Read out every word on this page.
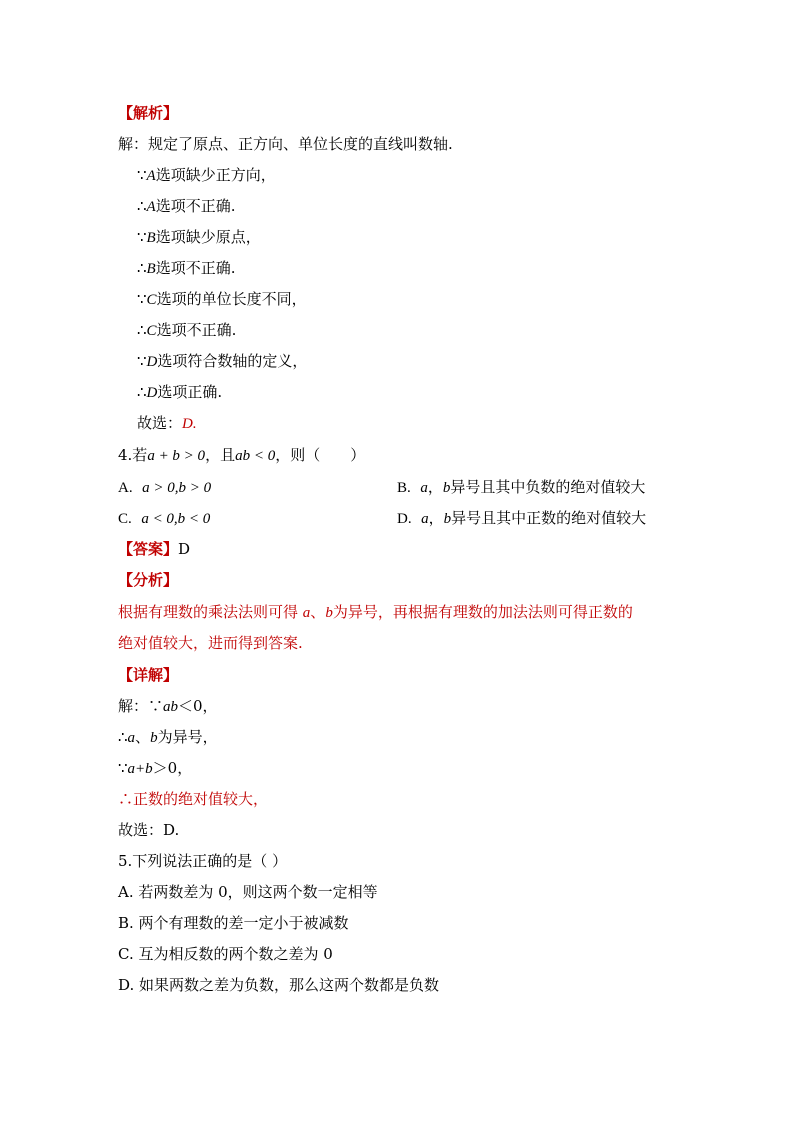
【解析】
解：规定了原点、正方向、单位长度的直线叫数轴.
∵A选项缺少正方向，
∴A选项不正确.
∵B选项缺少原点，
∴B选项不正确.
∵C选项的单位长度不同，
∴C选项不正确.
∵D选项符合数轴的定义，
∴D选项正确.
故选：D.
4.若a + b > 0，且ab < 0，则（　　）
A. a > 0,b > 0	B. a，b异号且其中负数的绝对值较大
C. a < 0,b < 0	D. a，b异号且其中正数的绝对值较大
【答案】D
【分析】
根据有理数的乘法法则可得 a、b为异号，再根据有理数的加法法则可得正数的
绝对值较大，进而得到答案.
【详解】
解：∵ab＜0，
∴a、b为异号，
∵a+b＞0，
∴正数的绝对值较大，
故选：D.
5.下列说法正确的是（ ）
A. 若两数差为 0，则这两个数一定相等
B. 两个有理数的差一定小于被减数
C. 互为相反数的两个数之差为 0
D. 如果两数之差为负数，那么这两个数都是负数
